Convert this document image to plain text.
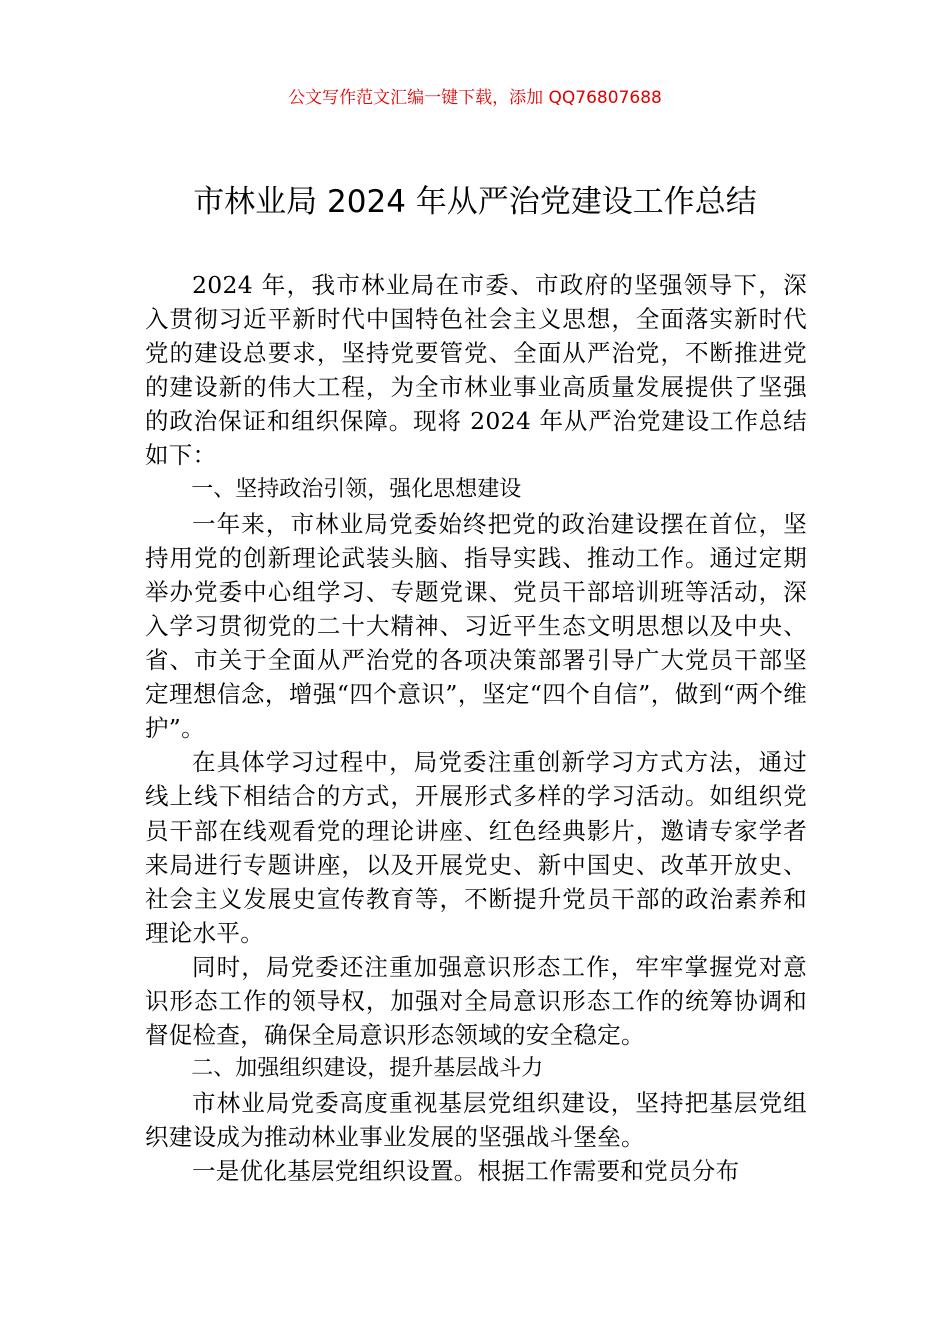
公文写作范文汇编一键下载，添加 QQ76807688
市林业局 2024 年从严治党建设工作总结

2024 年，我市林业局在市委、市政府的坚强领导下，深入贯彻习近平新时代中国特色社会主义思想，全面落实新时代党的建设总要求，坚持党要管党、全面从严治党，不断推进党的建设新的伟大工程，为全市林业事业高质量发展提供了坚强的政治保证和组织保障。现将 2024 年从严治党建设工作总结如下：

一、坚持政治引领，强化思想建设

一年来，市林业局党委始终把党的政治建设摆在首位，坚持用党的创新理论武装头脑、指导实践、推动工作。通过定期举办党委中心组学习、专题党课、党员干部培训班等活动，深入学习贯彻党的二十大精神、习近平生态文明思想以及中央、省、市关于全面从严治党的各项决策部署引导广大党员干部坚定理想信念，增强“四个意识”，坚定“四个自信”，做到“两个维护”。

在具体学习过程中，局党委注重创新学习方式方法，通过线上线下相结合的方式，开展形式多样的学习活动。如组织党员干部在线观看党的理论讲座、红色经典影片，邀请专家学者来局进行专题讲座，以及开展党史、新中国史、改革开放史、社会主义发展史宣传教育等，不断提升党员干部的政治素养和理论水平。

同时，局党委还注重加强意识形态工作，牢牢掌握党对意识形态工作的领导权，加强对全局意识形态工作的统筹协调和督促检查，确保全局意识形态领域的安全稳定。

二、加强组织建设，提升基层战斗力

市林业局党委高度重视基层党组织建设，坚持把基层党组织建设成为推动林业事业发展的坚强战斗堡垒。

一是优化基层党组织设置。根据工作需要和党员分布
